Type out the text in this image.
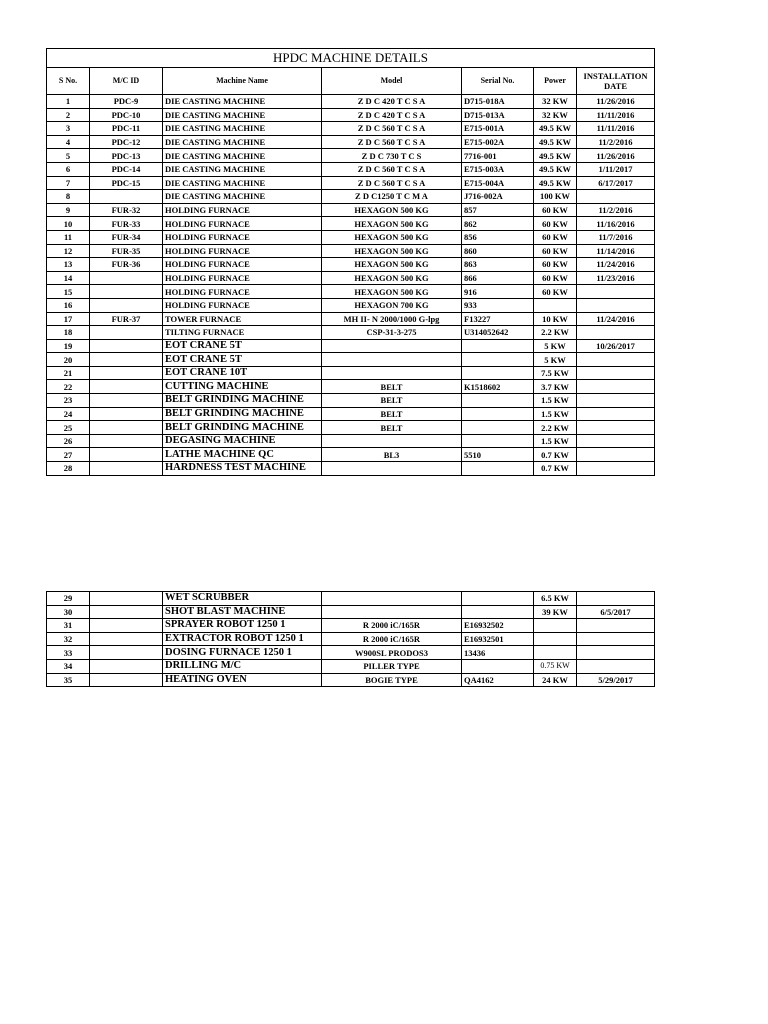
HPDC MACHINE DETAILS						
S No.	M/C ID	Machine Name	Model	Serial No.	Power	INSTALLATION DATE
1	PDC-9	DIE CASTING MACHINE	Z D C 420 T C S A	D715-018A	32 KW	11/26/2016
2	PDC-10	DIE CASTING MACHINE	Z D C 420 T C S A	D715-013A	32 KW	11/11/2016
3	PDC-11	DIE CASTING MACHINE	Z D C 560 T C S A	E715-001A	49.5 KW	11/11/2016
4	PDC-12	DIE CASTING MACHINE	Z D C 560 T C S A	E715-002A	49.5 KW	11/2/2016
5	PDC-13	DIE CASTING MACHINE	Z D C 730 T C S	7716-001	49.5 KW	11/26/2016
6	PDC-14	DIE CASTING MACHINE	Z D C 560 T C S A	E715-003A	49.5 KW	1/11/2017
7	PDC-15	DIE CASTING MACHINE	Z D C 560 T C S A	E715-004A	49.5 KW	6/17/2017
8		DIE CASTING MACHINE	Z D C1250 T C M A	J716-002A	100 KW	
9	FUR-32	HOLDING FURNACE	HEXAGON 500 KG	857	60 KW	11/2/2016
10	FUR-33	HOLDING FURNACE	HEXAGON 500 KG	862	60 KW	11/16/2016
11	FUR-34	HOLDING FURNACE	HEXAGON 500 KG	856	60 KW	11/7/2016
12	FUR-35	HOLDING FURNACE	HEXAGON 500 KG	860	60 KW	11/14/2016
13	FUR-36	HOLDING FURNACE	HEXAGON 500 KG	863	60 KW	11/24/2016
14		HOLDING FURNACE	HEXAGON 500 KG	866	60 KW	11/23/2016
15		HOLDING FURNACE	HEXAGON 500 KG	916	60 KW	
16		HOLDING FURNACE	HEXAGON 700 KG	933		
17	FUR-37	TOWER FURNACE	MH II- N 2000/1000 G-lpg	F13227	10 KW	11/24/2016
18		TILTING FURNACE	CSP-31-3-275	U314052642	2.2 KW	
19		EOT CRANE 5T			5 KW	10/26/2017
20		EOT CRANE 5T			5 KW	
21		EOT CRANE 10T			7.5 KW	
22		CUTTING MACHINE	BELT	K1518602	3.7 KW	
23		BELT GRINDING MACHINE	BELT		1.5 KW	
24		BELT GRINDING MACHINE	BELT		1.5 KW	
25		BELT GRINDING MACHINE	BELT		2.2 KW	
26		DEGASING MACHINE			1.5 KW	
27		LATHE MACHINE QC	BL3	5510	0.7 KW	
28		HARDNESS TEST MACHINE			0.7 KW	
29		WET SCRUBBER			6.5 KW	
30		SHOT BLAST MACHINE			39 KW	6/5/2017
31		SPRAYER ROBOT 1250 1	R 2000 iC/165R	E16932502		
32		EXTRACTOR ROBOT 1250 1	R 2000 iC/165R	E16932501		
33		DOSING FURNACE 1250 1	W900SL PRODOS3	13436		
34		DRILLING M/C	PILLER TYPE		0.75 KW	
35		HEATING OVEN	BOGIE TYPE	QA4162	24 KW	5/29/2017
